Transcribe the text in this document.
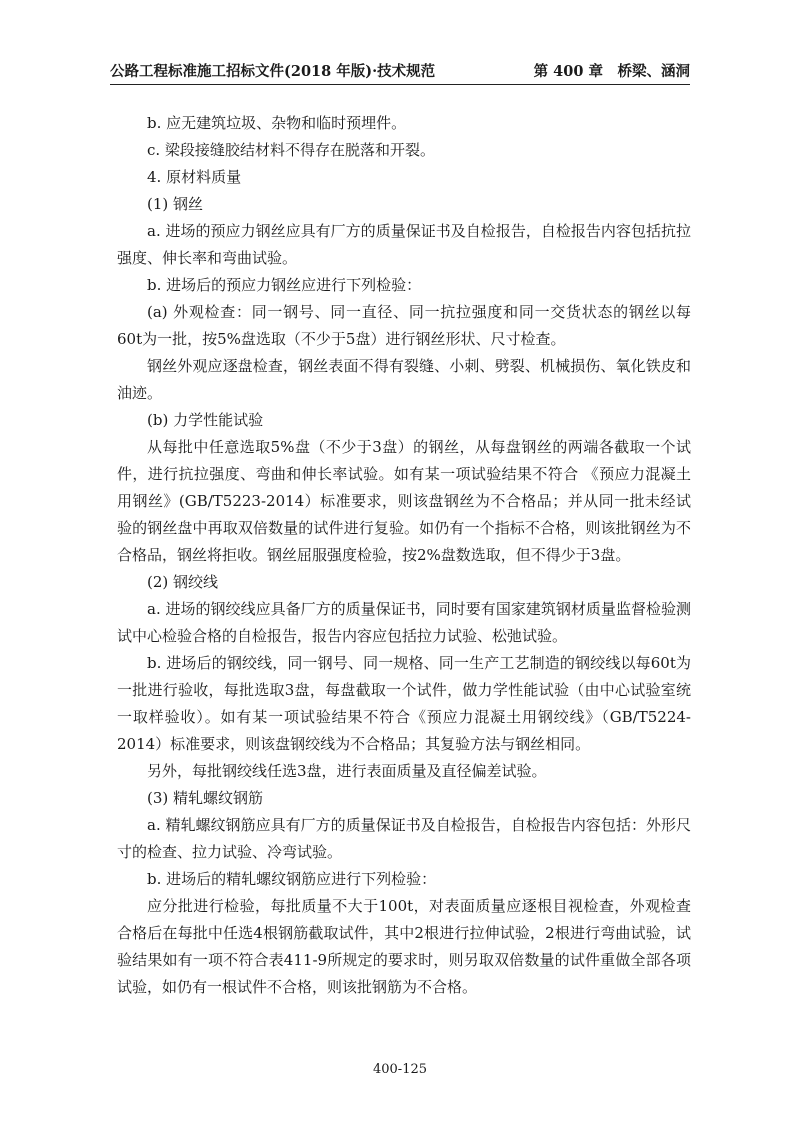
公路工程标准施工招标文件(2018 年版)·技术规范	第 400 章　桥梁、涵洞

b. 应无建筑垃圾、杂物和临时预埋件。

c. 梁段接缝胶结材料不得存在脱落和开裂。

4. 原材料质量

(1) 钢丝

a. 进场的预应力钢丝应具有厂方的质量保证书及自检报告，自检报告内容包括抗拉强度、伸长率和弯曲试验。

b. 进场后的预应力钢丝应进行下列检验：

(a) 外观检查：同一钢号、同一直径、同一抗拉强度和同一交货状态的钢丝以每60t为一批，按5%盘选取（不少于5盘）进行钢丝形状、尺寸检查。

钢丝外观应逐盘检查，钢丝表面不得有裂缝、小刺、劈裂、机械损伤、氧化铁皮和油迹。

(b) 力学性能试验

从每批中任意选取5%盘（不少于3盘）的钢丝，从每盘钢丝的两端各截取一个试件，进行抗拉强度、弯曲和伸长率试验。如有某一项试验结果不符合 《预应力混凝土用钢丝》(GB/T5223-2014）标准要求，则该盘钢丝为不合格品；并从同一批未经试验的钢丝盘中再取双倍数量的试件进行复验。如仍有一个指标不合格，则该批钢丝为不合格品，钢丝将拒收。钢丝屈服强度检验，按2%盘数选取，但不得少于3盘。

(2) 钢绞线

a. 进场的钢绞线应具备厂方的质量保证书，同时要有国家建筑钢材质量监督检验测试中心检验合格的自检报告，报告内容应包括拉力试验、松弛试验。

b. 进场后的钢绞线，同一钢号、同一规格、同一生产工艺制造的钢绞线以每60t为一批进行验收，每批选取3盘，每盘截取一个试件，做力学性能试验（由中心试验室统一取样验收）。如有某一项试验结果不符合《预应力混凝土用钢绞线》（GB/T5224-2014）标准要求，则该盘钢绞线为不合格品；其复验方法与钢丝相同。

另外，每批钢绞线任选3盘，进行表面质量及直径偏差试验。

(3) 精轧螺纹钢筋

a. 精轧螺纹钢筋应具有厂方的质量保证书及自检报告，自检报告内容包括：外形尺寸的检查、拉力试验、冷弯试验。

b. 进场后的精轧螺纹钢筋应进行下列检验：

应分批进行检验，每批质量不大于100t，对表面质量应逐根目视检查，外观检查合格后在每批中任选4根钢筋截取试件，其中2根进行拉伸试验，2根进行弯曲试验，试验结果如有一项不符合表411-9所规定的要求时，则另取双倍数量的试件重做全部各项试验，如仍有一根试件不合格，则该批钢筋为不合格。

400-125
